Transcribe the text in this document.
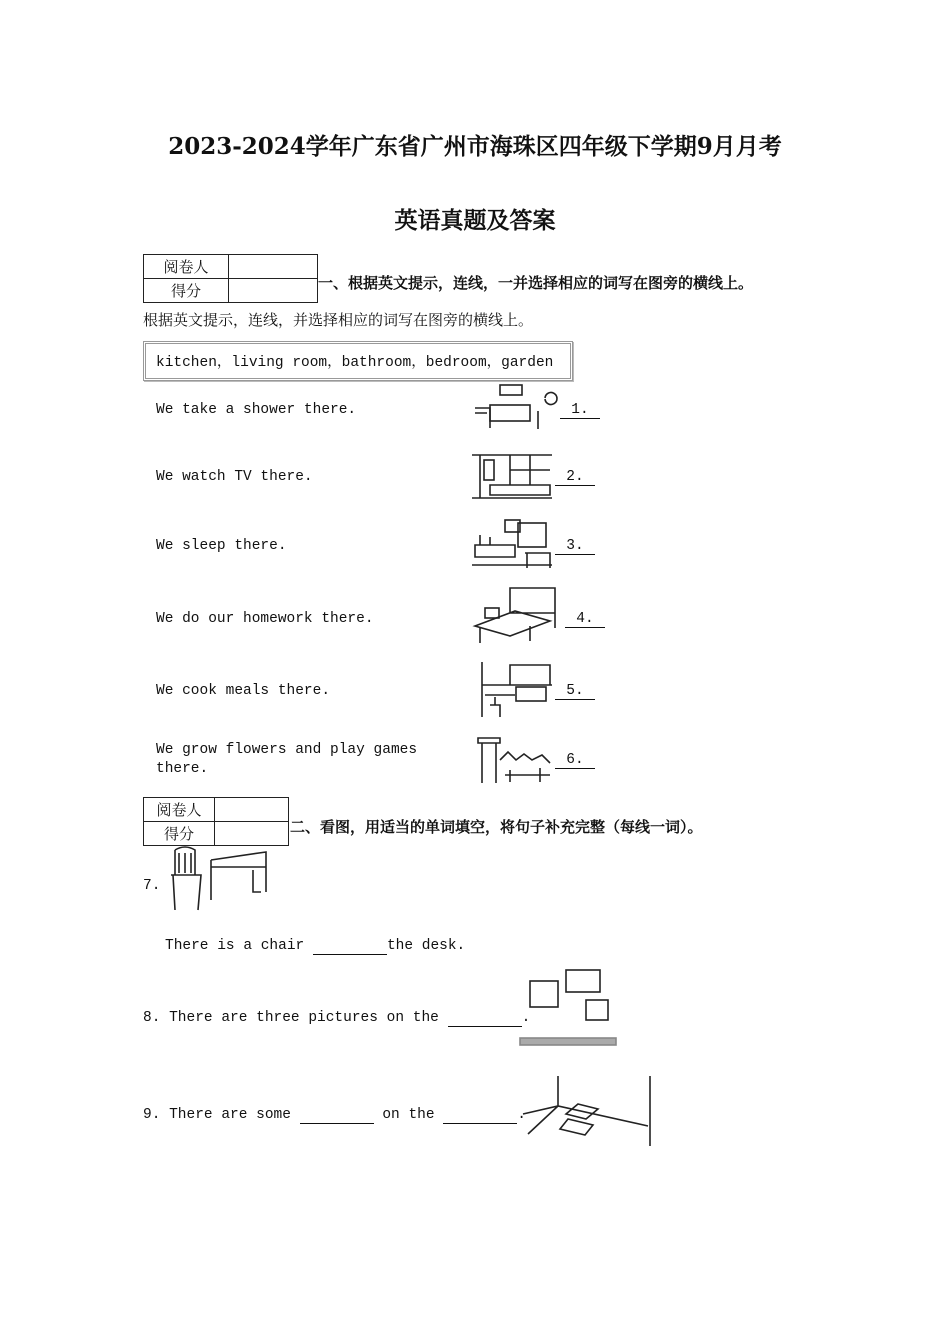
2023-2024学年广东省广州市海珠区四年级下学期9月月考
英语真题及答案
阅卷人	
得分		一、根据英文提示，连线，一并选择相应的词写在图旁的横线上。
根据英文提示，连线，并选择相应的词写在图旁的横线上。
kitchen，living room，bathroom，bedroom，garden
We take a shower there.
We watch TV there.
We sleep there.
We do our homework there.
We cook meals there.
We grow flowers and play games
there.
1.
2.
3.
4.
5.
6.
阅卷人	
得分		二、看图，用适当的单词填空，将句子补充完整（每线一词）。
7.
There is a chair	the desk.
8. There are three pictures on the	.
9. There are some	on the	.
